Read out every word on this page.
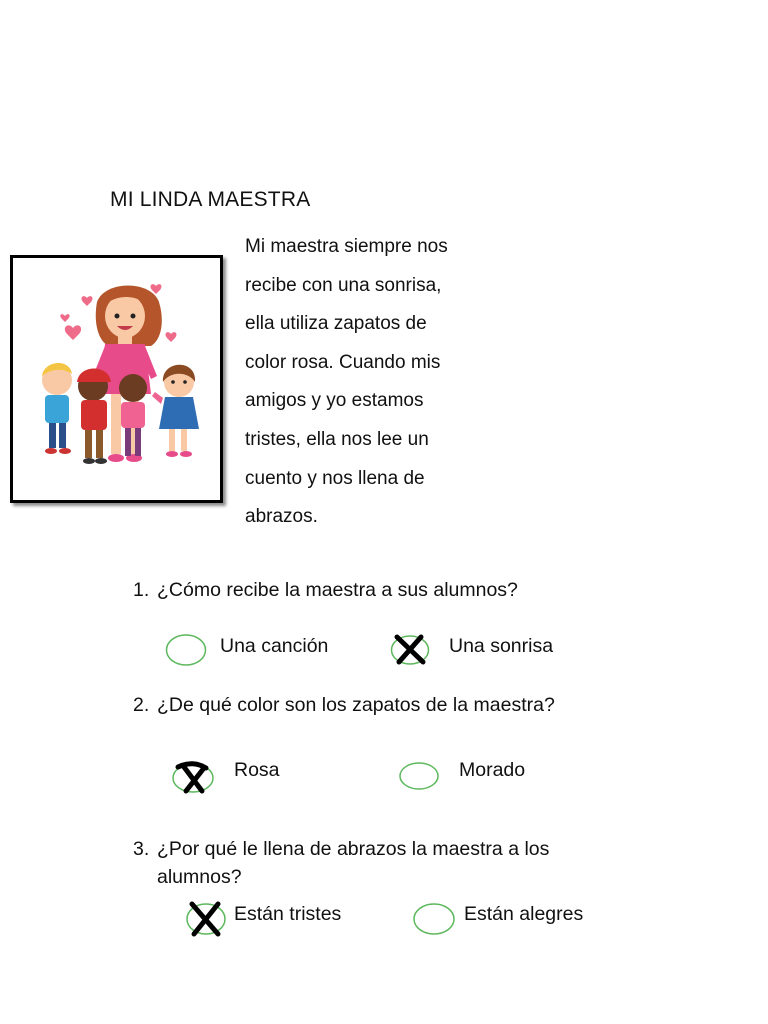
MI LINDA MAESTRA
Mi maestra siempre nos
recibe con una sonrisa,
ella utiliza zapatos de
color rosa. Cuando mis
amigos y yo estamos
tristes, ella nos lee un
cuento y nos llena de
abrazos.
1. ¿Cómo recibe la maestra a sus alumnos?
Una canción	Una sonrisa
2. ¿De qué color son los zapatos de la maestra?
Rosa	Morado
3. ¿Por qué le llena de abrazos la maestra a los
alumnos?
Están tristes	Están alegres
